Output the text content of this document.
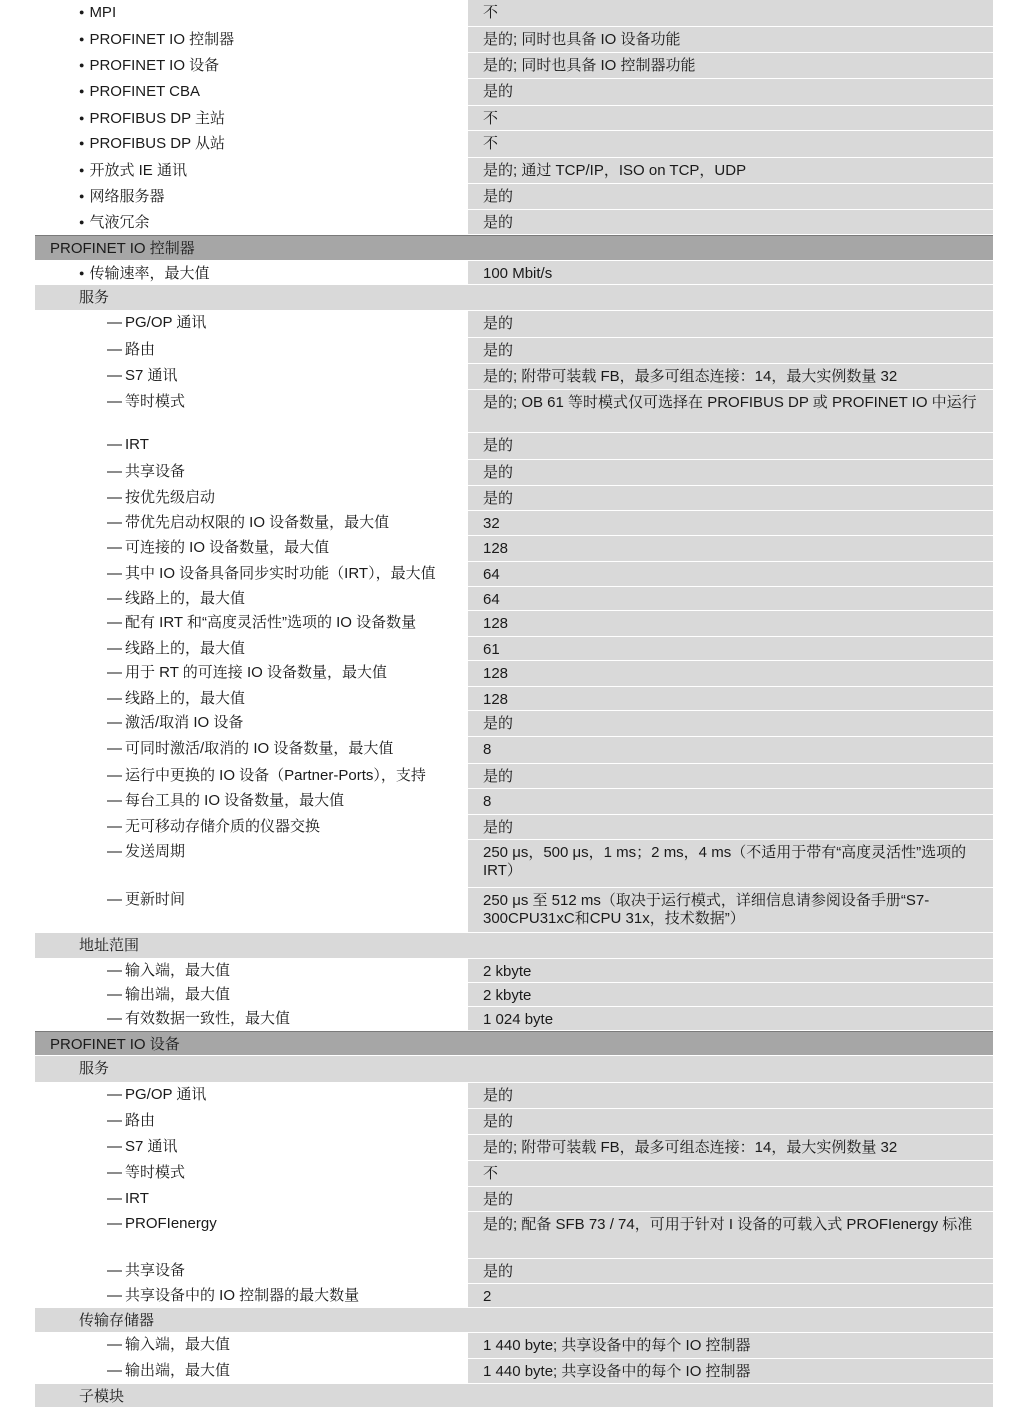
● MPI	不
● PROFINET IO 控制器	是的; 同时也具备 IO 设备功能
● PROFINET IO 设备	是的; 同时也具备 IO 控制器功能
● PROFINET CBA	是的
● PROFIBUS DP 主站	不
● PROFIBUS DP 从站	不
● 开放式 IE 通讯	是的; 通过 TCP/IP，ISO on TCP，UDP
● 网络服务器	是的
● 气液冗余	是的
PROFINET IO 控制器
● 传输速率，最大值	100 Mbit/s
服务
— PG/OP 通讯	是的
— 路由	是的
— S7 通讯	是的; 附带可装载 FB，最多可组态连接：14，最大实例数量 32
— 等时模式	是的; OB 61 等时模式仅可选择在 PROFIBUS DP 或 PROFINET IO 中运行
— IRT	是的
— 共享设备	是的
— 按优先级启动	是的
— 带优先启动权限的 IO 设备数量，最大值	32
— 可连接的 IO 设备数量，最大值	128
— 其中 IO 设备具备同步实时功能（IRT），最大值	64
— 线路上的，最大值	64
— 配有 IRT 和“高度灵活性”选项的 IO 设备数量	128
— 线路上的，最大值	61
— 用于 RT 的可连接 IO 设备数量，最大值	128
— 线路上的，最大值	128
— 激活/取消 IO 设备	是的
— 可同时激活/取消的 IO 设备数量，最大值	8
— 运行中更换的 IO 设备（Partner-Ports），支持	是的
— 每台工具的 IO 设备数量，最大值	8
— 无可移动存储介质的仪器交换	是的
— 发送周期	250 μs，500 μs，1 ms；2 ms，4 ms（不适用于带有“高度灵活性”选项的 IRT）
— 更新时间	250 μs 至 512 ms（取决于运行模式，详细信息请参阅设备手册“S7-300CPU31xC和CPU 31x，技术数据”）
地址范围
— 输入端，最大值	2 kbyte
— 输出端，最大值	2 kbyte
— 有效数据一致性，最大值	1 024 byte
PROFINET IO 设备
服务
— PG/OP 通讯	是的
— 路由	是的
— S7 通讯	是的; 附带可装载 FB，最多可组态连接：14，最大实例数量 32
— 等时模式	不
— IRT	是的
— PROFIenergy	是的; 配备 SFB 73 / 74，可用于针对 I 设备的可载入式 PROFIenergy 标准
— 共享设备	是的
— 共享设备中的 IO 控制器的最大数量	2
传输存储器
— 输入端，最大值	1 440 byte; 共享设备中的每个 IO 控制器
— 输出端，最大值	1 440 byte; 共享设备中的每个 IO 控制器
子模块
